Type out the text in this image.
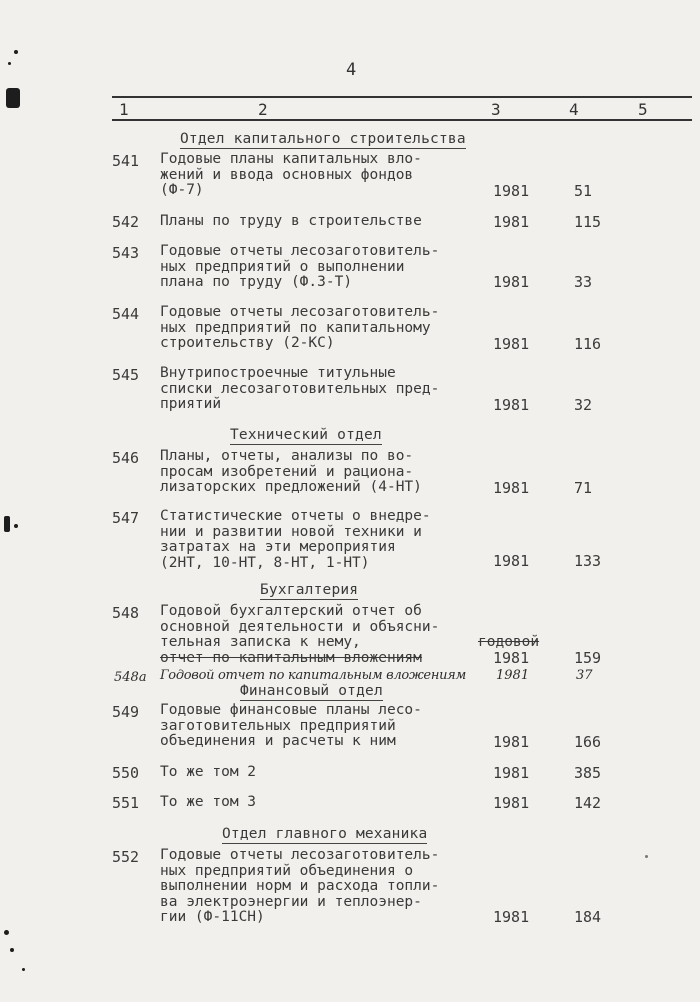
4
1	2	3	4	5
Отдел капитального строительства
541 Годовые планы капитальных вло-
жений и ввода основных фондов
(Ф-7)	1981	51
542 Планы по труду в строительстве	1981	115
543 Годовые отчеты лесозаготовитель-
ных предприятий о выполнении
плана по труду (Ф.3-Т)	1981	33
544 Годовые отчеты лесозаготовитель-
ных предприятий по капитальному
строительству (2-КС)	1981	116
545 Внутрипостроечные титульные
списки лесозаготовительных пред-
приятий	1981	32
Технический отдел
546 Планы, отчеты, анализы по во-
просам изобретений и рациона-
лизаторских предложений (4-НТ)	1981	71
547 Статистические отчеты о внедре-
нии и развитии новой техники и
затратах на эти мероприятия
(2НТ, 10-НТ, 8-НТ, 1-НТ)	1981	133
Бухгалтерия
548 Годовой бухгалтерский отчет об
основной деятельности и объясни-
тельная записка к нему,	годовой
отчет по капитальным вложениям	1981	159
548а Годовой отчет по капитальным вложениям 1981	37
Финансовый отдел
549 Годовые финансовые планы лесо-
заготовительных предприятий
объединения и расчеты к ним	1981	166
550 То же том 2	1981	385
551 То же том 3	1981	142
Отдел главного механика
552 Годовые отчеты лесозаготовитель-
ных предприятий объединения о
выполнении норм и расхода топли-
ва электроэнергии и теплоэнер-
гии (Ф-11СН)	1981	184
